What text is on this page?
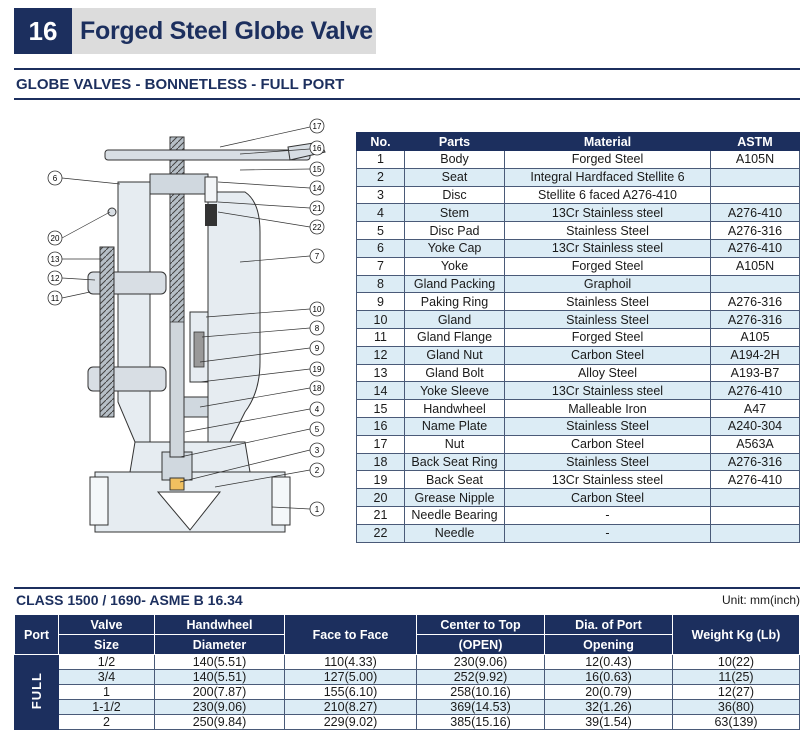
16 Forged Steel Globe Valve
GLOBE VALVES - BONNETLESS - FULL PORT
17
16
15
14
21
22
7
10
8
9
19
18
4
5
3
2
1
6
20
13
12
11
No.	Parts	Material	ASTM
1	Body	Forged Steel	A105N
2	Seat	Integral Hardfaced Stellite 6	
3	Disc	Stellite 6 faced A276-410	
4	Stem	13Cr Stainless steel	A276-410
5	Disc Pad	Stainless Steel	A276-316
6	Yoke Cap	13Cr Stainless steel	A276-410
7	Yoke	Forged Steel	A105N
8	Gland Packing	Graphoil	
9	Paking Ring	Stainless Steel	A276-316
10	Gland	Stainless Steel	A276-316
11	Gland Flange	Forged Steel	A105
12	Gland Nut	Carbon Steel	A194-2H
13	Gland Bolt	Alloy Steel	A193-B7
14	Yoke Sleeve	13Cr Stainless steel	A276-410
15	Handwheel	Malleable Iron	A47
16	Name Plate	Stainless Steel	A240-304
17	Nut	Carbon Steel	A563A
18	Back Seat Ring	Stainless Steel	A276-316
19	Back Seat	13Cr Stainless steel	A276-410
20	Grease Nipple	Carbon Steel	
21	Needle Bearing	-	
22	Needle	-	
CLASS 1500 / 1690- ASME B 16.34	Unit: mm(inch)
Port	Valve	Handwheel	Face to Face	Center to Top	Dia. of Port	Weight Kg (Lb)
	Size	Diameter		(OPEN)	Opening	
FULL	1/2	140(5.51)	110(4.33)	230(9.06)	12(0.43)	10(22)
	3/4	140(5.51)	127(5.00)	252(9.92)	16(0.63)	11(25)
	1	200(7.87)	155(6.10)	258(10.16)	20(0.79)	12(27)
	1-1/2	230(9.06)	210(8.27)	369(14.53)	32(1.26)	36(80)
	2	250(9.84)	229(9.02)	385(15.16)	39(1.54)	63(139)
